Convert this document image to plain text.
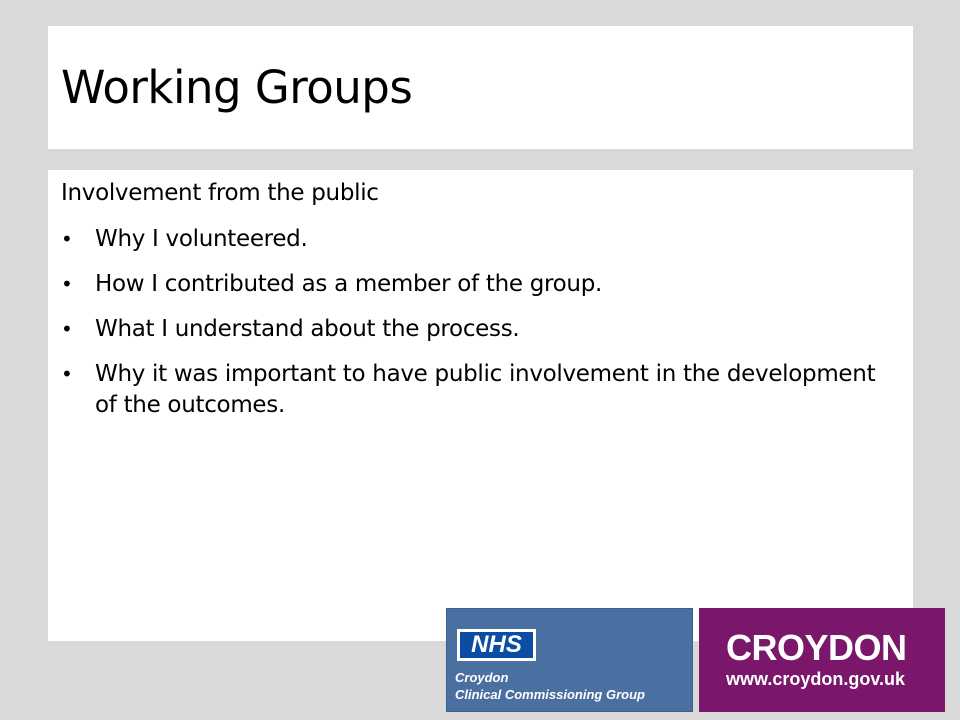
Working Groups
Involvement from the public
• Why I volunteered.
• How I contributed as a member of the group.
• What I understand about the process.
• Why it was important to have public involvement in the development of the outcomes.
NHS
Croydon
Clinical Commissioning Group
CROYDON
www.croydon.gov.uk
